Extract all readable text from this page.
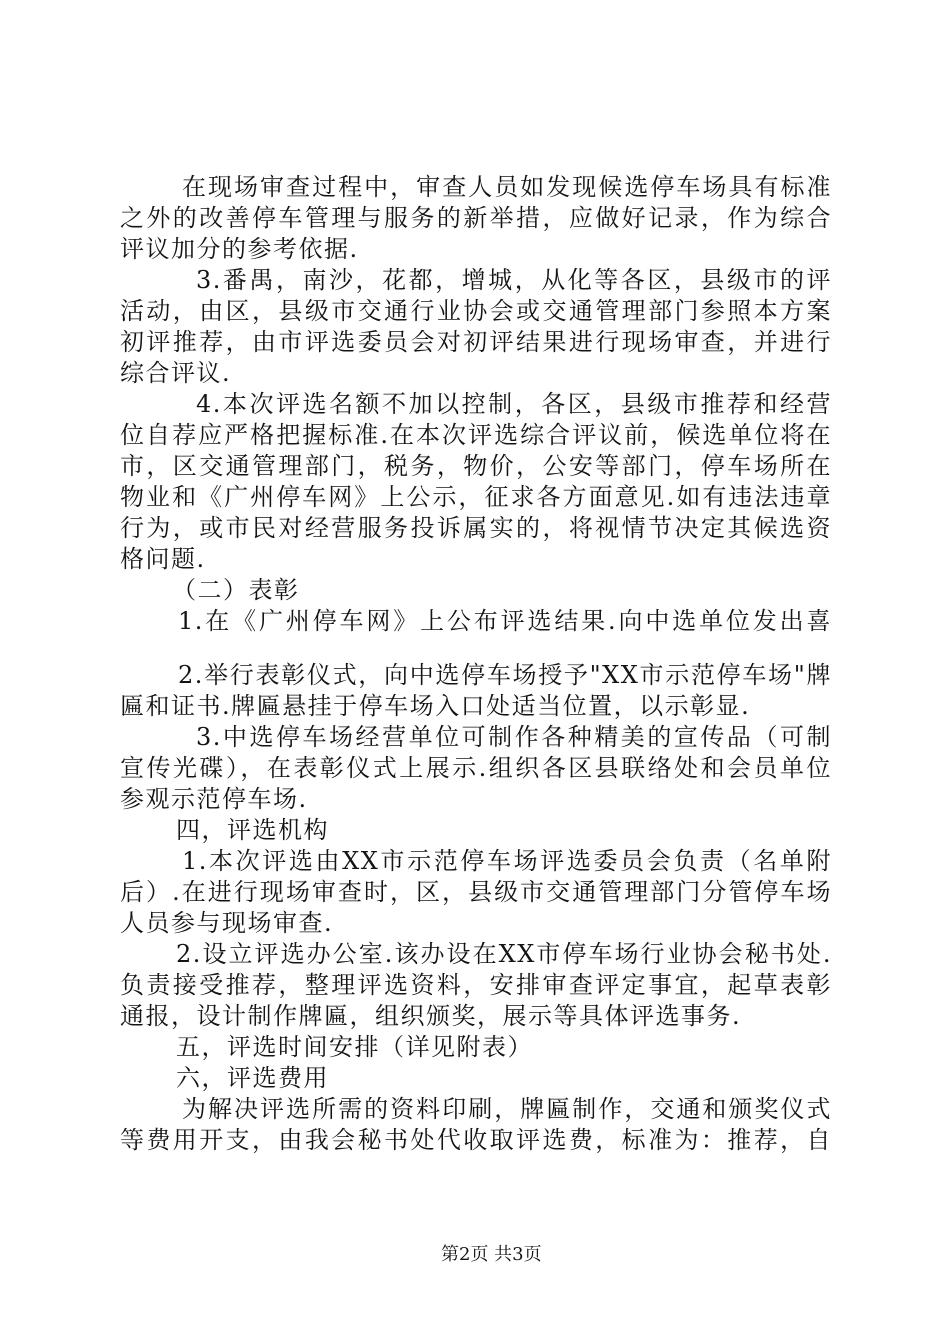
在现场审查过程中，审查人员如发现候选停车场具有标准
之外的改善停车管理与服务的新举措，应做好记录，作为综合
评议加分的参考依据.
3.番禺，南沙，花都，增城，从化等各区，县级市的评
活动，由区，县级市交通行业协会或交通管理部门参照本方案
初评推荐，由市评选委员会对初评结果进行现场审查，并进行
综合评议.
4.本次评选名额不加以控制，各区，县级市推荐和经营
位自荐应严格把握标准.在本次评选综合评议前，候选单位将在
市，区交通管理部门，税务，物价，公安等部门，停车场所在
物业和《广州停车网》上公示，征求各方面意见.如有违法违章
行为，或市民对经营服务投诉属实的，将视情节决定其候选资
格问题.
（二）表彰
1.在《广州停车网》上公布评选结果.向中选单位发出喜
2.举行表彰仪式，向中选停车场授予"XX市示范停车场"牌
匾和证书.牌匾悬挂于停车场入口处适当位置，以示彰显.
3.中选停车场经营单位可制作各种精美的宣传品（可制
宣传光碟），在表彰仪式上展示.组织各区县联络处和会员单位
参观示范停车场.
四，评选机构
1.本次评选由XX市示范停车场评选委员会负责（名单附
后）.在进行现场审查时，区，县级市交通管理部门分管停车场
人员参与现场审查.
2.设立评选办公室.该办设在XX市停车场行业协会秘书处.
负责接受推荐，整理评选资料，安排审查评定事宜，起草表彰
通报，设计制作牌匾，组织颁奖，展示等具体评选事务.
五，评选时间安排（详见附表）
六，评选费用
为解决评选所需的资料印刷，牌匾制作，交通和颁奖仪式
等费用开支，由我会秘书处代收取评选费，标准为：推荐，自
第2页 共3页
